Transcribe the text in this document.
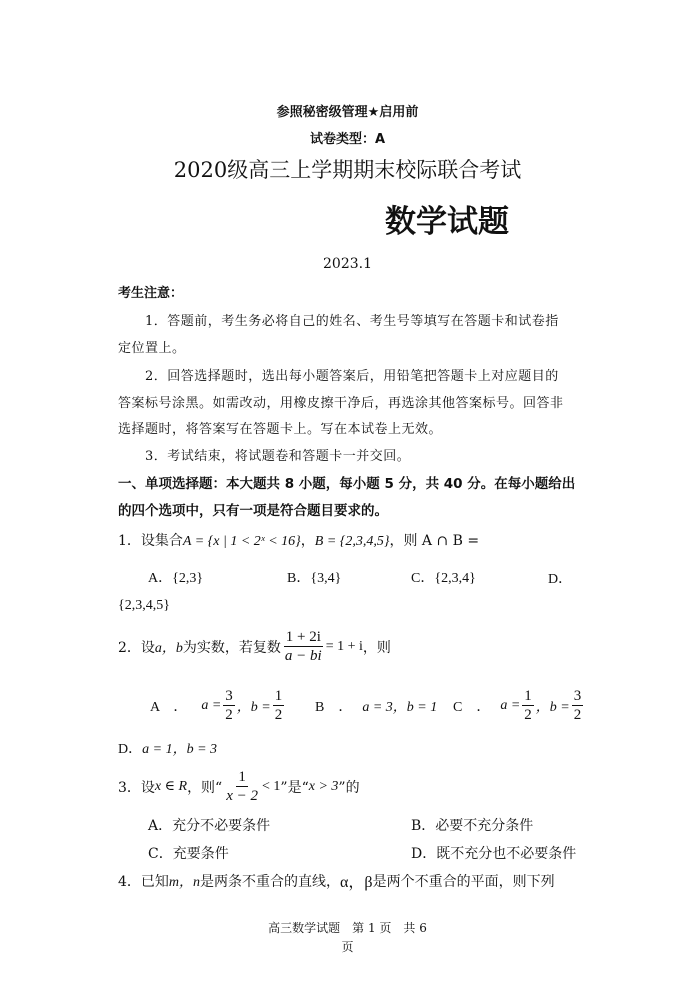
参照秘密级管理★启用前
试卷类型：A
2020级高三上学期期末校际联合考试
数学试题
2023.1
考生注意：
1．答题前，考生务必将自己的姓名、考生号等填写在答题卡和试卷指
定位置上。
2．回答选择题时，选出每小题答案后，用铅笔把答题卡上对应题目的
答案标号涂黑。如需改动，用橡皮擦干净后，再选涂其他答案标号。回答非
选择题时，将答案写在答题卡上。写在本试卷上无效。
3．考试结束，将试题卷和答题卡一并交回。
一、单项选择题：本大题共 8 小题，每小题 5 分，共 40 分。在每小题给出
的四个选项中，只有一项是符合题目要求的。
1．设集合A = {x | 1 < 2ˣ < 16}，B = {2,3,4,5}，则 A ∩ B =
A．{2,3}	B．{3,4}	C．{2,3,4}	D．
{2,3,4,5}
2．设 a，b 为实数，若复数 $\frac{1 + 2i}{a - bi} = 1 + i$ ，则
A　． $a = \frac{3}{2}$ ，$b = \frac{1}{2}$ B　． a = 3，b = 1 C　． $a = \frac{1}{2}$ ，$b = \frac{3}{2}$
D． a = 1，b = 3
3．设 x ∈ R ，则“ $\frac{1}{x - 2} < 1$ ”是“ x > 3 ”的
A．充分不必要条件	B．必要不充分条件
C．充要条件	D．既不充分也不必要条件
4．已知 m，n 是两条不重合的直线， α，β 是两个不重合的平面，则下列
高三数学试题　第 1 页　共 6
页
